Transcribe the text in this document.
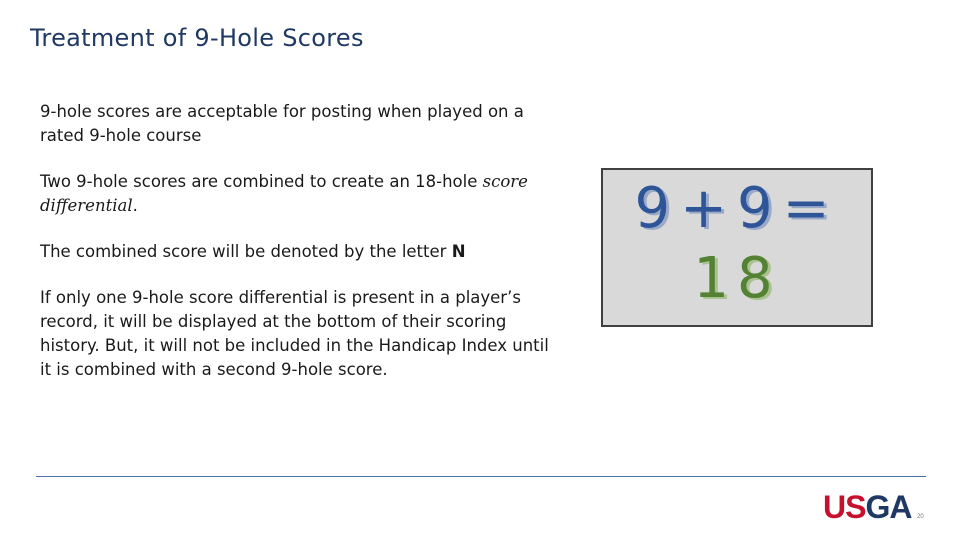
Treatment of 9-Hole Scores

9-hole scores are acceptable for posting when played on a rated 9-hole course

Two 9-hole scores are combined to create an 18-hole score differential.

The combined score will be denoted by the letter N

If only one 9-hole score differential is present in a player’s record, it will be displayed at the bottom of their scoring history. But, it will not be included in the Handicap Index until it is combined with a second 9-hole score.

9+9=
18
USGA 20
